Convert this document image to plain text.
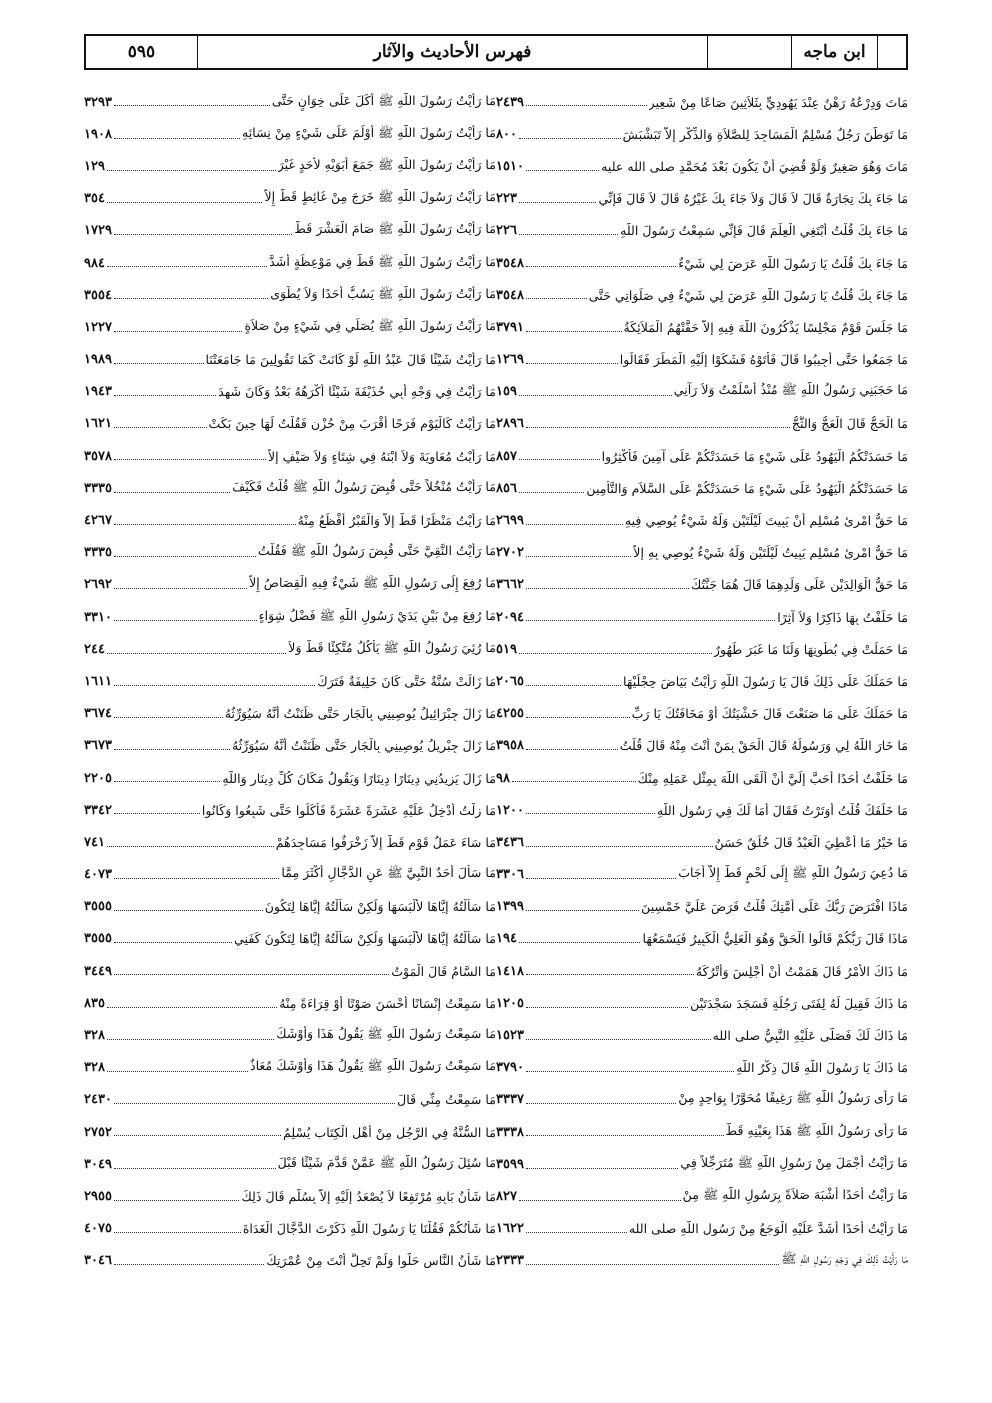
٥٩٥	فهرس الأحاديث والآثار	ابن ماجه
مَا رَأَيْتُ رَسُولَ اللَّهِ ﷺ أَكَلَ عَلَى خِوَانٍ حَتَّى
٣٢٩٣
مَا رَأَيْتُ رَسُولَ اللَّهِ ﷺ أَوْلَمَ عَلَى شَيْءٍ مِنْ نِسَائِهِ
١٩٠٨
مَا رَأَيْتُ رَسُولَ اللَّهِ ﷺ جَمَعَ أَبَوَيْهِ لأَحَدٍ غَيْرَ
١٢٩
مَا رَأَيْتُ رَسُولَ اللَّهِ ﷺ خَرَجَ مِنْ غَائِطٍ قَطُّ إِلاَّ
٣٥٤
مَا رَأَيْتُ رَسُولَ اللَّهِ ﷺ صَامَ الْعَشْرَ قَطُّ
١٧٢٩
مَا رَأَيْتُ رَسُولَ اللَّهِ ﷺ قَطُّ فِي مَوْعِظَةٍ أَشَدَّ
٩٨٤
مَا رَأَيْتُ رَسُولَ اللَّهِ ﷺ يَسُبُّ أَحَدًا وَلاَ يُطْوَى
٣٥٥٤
مَا رَأَيْتُ رَسُولَ اللَّهِ ﷺ يُصَلِّي فِي شَيْءٍ مِنْ صَلاَةٍ
١٢٢٧
مَا رَأَيْتُ شَيْئًا قَالَ عَبْدُ اللَّهِ لَوْ كَانَتْ كَمَا تَقُولِينَ مَا جَامَعَتْنَا
١٩٨٩
مَا رَأَيْتُ فِي وَجْهِ أَبِي حُذَيْفَةَ شَيْئًا أَكْرَهُهُ بَعْدُ وَكَانَ شَهِدَ
١٩٤٣
مَا رَأَيْتُ كَالْيَوْمِ فَرَحًا أَقْرَبَ مِنْ حُزْنٍ فَقُلْتُ لَهَا حِينَ بَكَتْ
١٦٢١
مَا رَأَيْتُ مُعَاوِيَةَ وَلاَ ابْنَهُ فِي شِتَاءٍ وَلاَ صَيْفٍ إِلاَّ
٣٥٧٨
مَا رَأَيْتُ مُنْخُلاً حَتَّى قُبِضَ رَسُولُ اللَّهِ ﷺ قُلْتُ فَكَيْفَ
٣٣٣٥
مَا رَأَيْتُ مَنْظَرًا قَطُّ إِلاَّ وَالْقَبْرُ أَفْظَعُ مِنْهُ
٤٢٦٧
مَا رَأَيْتُ النَّقِيَّ حَتَّى قُبِضَ رَسُولُ اللَّهِ ﷺ فَقُلْتُ
٣٣٣٥
مَا رُفِعَ إِلَى رَسُولِ اللَّهِ ﷺ شَيْءٌ فِيهِ الْقِصَاصُ إِلاَّ
٢٦٩٢
مَا رُفِعَ مِنْ بَيْنِ يَدَيْ رَسُولِ اللَّهِ ﷺ فَضْلُ شِوَاءٍ
٣٣١٠
مَا رُئِيَ رَسُولُ اللَّهِ ﷺ يَأْكُلُ مُتَّكِئًا قَطُّ وَلاَ
٢٤٤
مَا زَالَتْ سُنَّةٌ حَتَّى كَانَ خَلِيفَةٌ فَتَرَكَ
١٦١١
مَا زَالَ جِبْرَائِيلُ يُوصِينِي بِالْجَارِ حَتَّى ظَنَنْتُ أَنَّهُ سَيُوَرِّثُهُ
٣٦٧٤
مَا زَالَ جِبْرِيلُ يُوصِينِي بِالْجَارِ حَتَّى ظَنَنْتُ أَنَّهُ سَيُوَرِّثُهُ
٣٦٧٣
مَا زَالَ يَزِيدُنِي دِينَارًا دِينَارًا وَيَقُولُ مَكَانَ كُلِّ دِينَارٍ وَاللَّهِ
٢٢٠٥
مَا زِلْتُ أُدْخِلُ عَلَيْهِ عَشَرَةً عَشَرَةً فَأَكَلُوا حَتَّى شَبِعُوا وَكَانُوا
٣٣٤٢
مَا سَاءَ عَمَلُ قَوْمٍ قَطُّ إِلاَّ زَخْرَفُوا مَسَاجِدَهُمْ
٧٤١
مَا سَأَلَ أَحَدٌ النَّبِيَّ ﷺ عَنِ الدَّجَّالِ أَكْثَرَ مِمَّا
٤٠٧٣
مَا سَأَلْتُهُ إِيَّاهَا لأَلْبَسَهَا وَلَكِنْ سَأَلْتُهُ إِيَّاهَا لِتَكُونَ
٣٥٥٥
مَا سَأَلْتُهُ إِيَّاهَا لأَلْبَسَهَا وَلَكِنْ سَأَلْتُهُ إِيَّاهَا لِتَكُونَ كَفَنِي
٣٥٥٥
مَا السَّامُ قَالَ الْمَوْتُ
٣٤٤٩
مَا سَمِعْتُ إِنْسَانًا أَحْسَنَ صَوْتًا أَوْ قِرَاءَةً مِنْهُ
٨٣٥
مَا سَمِعْتُ رَسُولَ اللَّهِ ﷺ يَقُولُ هَذَا وَأَوْشَكَ
٣٢٨
مَا سَمِعْتُ رَسُولَ اللَّهِ ﷺ يَقُولُ هَذَا وَأَوْشَكَ مُعَاذٌ
٣٢٨
مَا سَمِعْتُ مِنِّي قَالَ
٢٤٣٠
مَا السُّنَّةُ فِي الرَّجُلِ مِنْ أَهْلِ الْكِتَابِ يُسْلِمُ
٢٧٥٢
مَا سُئِلَ رَسُولُ اللَّهِ ﷺ عَمَّنْ قَدَّمَ شَيْئًا قَبْلَ
٣٠٤٩
مَا شَأْنُ بَابِهِ مُرْتَفِعًا لاَ يُصْعَدُ إِلَيْهِ إِلاَّ بِسُلَّمٍ قَالَ ذَلِكَ
٢٩٥٥
مَا شَأْنُكُمْ فَقُلْنَا يَا رَسُولَ اللَّهِ ذَكَرْتَ الدَّجَّالَ الْغَدَاةَ
٤٠٧٥
مَا شَأْنُ النَّاسِ حَلُّوا وَلَمْ تَحِلَّ أَنْتَ مِنْ عُمْرَتِكَ
٣٠٤٦
مَاتَ وَدِرْعُهُ رَهْنٌ عِنْدَ يَهُودِيٍّ بِثَلاَثِينَ صَاعًا مِنْ شَعِيرٍ
٢٤٣٩
مَا تَوَطَّنَ رَجُلٌ مُسْلِمٌ الْمَسَاجِدَ لِلصَّلاَةِ وَالذِّكْرِ إِلاَّ تَبَشْبَشَ
٨٠٠
مَاتَ وَهُوَ صَغِيرٌ وَلَوْ قُضِيَ أَنْ يَكُونَ بَعْدَ مُحَمَّدٍ صلى الله عليه
١٥١٠
مَا جَاءَ بِكَ تِجَارَةٌ قَالَ لاَ قَالَ وَلاَ جَاءَ بِكَ غَيْرُهُ قَالَ لاَ قَالَ فَإِنِّي
٢٢٣
مَا جَاءَ بِكَ قُلْتُ أَبْتَغِي الْعِلْمَ قَالَ فَإِنِّي سَمِعْتُ رَسُولَ اللَّهِ
٢٢٦
مَا جَاءَ بِكَ قُلْتُ يَا رَسُولَ اللَّهِ عَرَضَ لِي شَيْءٌ
٣٥٤٨
مَا جَاءَ بِكَ قُلْتُ يَا رَسُولَ اللَّهِ عَرَضَ لِي شَيْءٌ فِي صَلَوَاتِي حَتَّى
٣٥٤٨
مَا جَلَسَ قَوْمٌ مَجْلِسًا يَذْكُرُونَ اللَّهَ فِيهِ إِلاَّ حَفَّتْهُمُ الْمَلاَئِكَةُ
٣٧٩١
مَا جَمَعُوا حَتَّى أُجِيبُوا قَالَ فَأَتَوْهُ فَشَكَوْا إِلَيْهِ الْمَطَرَ فَقَالُوا
١٢٦٩
مَا حَجَبَنِي رَسُولُ اللَّهِ ﷺ مُنْذُ أَسْلَمْتُ وَلاَ رَآنِي
١٥٩
مَا الْحَجُّ قَالَ الْعَجُّ وَالثَّجُّ
٢٨٩٦
مَا حَسَدَتْكُمُ الْيَهُودُ عَلَى شَيْءٍ مَا حَسَدَتْكُمْ عَلَى آمِينَ فَأَكْثِرُوا
٨٥٧
مَا حَسَدَتْكُمُ الْيَهُودُ عَلَى شَيْءٍ مَا حَسَدَتْكُمْ عَلَى السَّلاَمِ وَالتَّأْمِينِ
٨٥٦
مَا حَقُّ امْرِئٍ مُسْلِمٍ أَنْ يَبِيتَ لَيْلَتَيْنِ وَلَهُ شَيْءٌ يُوصِي فِيهِ
٢٦٩٩
مَا حَقُّ امْرِئٍ مُسْلِمٍ يَبِيتُ لَيْلَتَيْنِ وَلَهُ شَيْءٌ يُوصِي بِهِ إِلاَّ
٢٧٠٢
مَا حَقُّ الْوَالِدَيْنِ عَلَى وَلَدِهِمَا قَالَ هُمَا جَنَّتُكَ
٣٦٦٢
مَا حَلَفْتُ بِهَا ذَاكِرًا وَلاَ آثِرًا
٢٠٩٤
مَا حَمَلَتْ فِي بُطُونِهَا وَلَنَا مَا غَبَرَ طَهُورٌ
٥١٩
مَا حَمَلَكَ عَلَى ذَلِكَ قَالَ يَا رَسُولَ اللَّهِ رَأَيْتُ بَيَاضَ حِجْلَيْهَا
٢٠٦٥
مَا حَمَلَكَ عَلَى مَا صَنَعْتَ قَالَ خَشْيَتُكَ أَوْ مَخَافَتُكَ يَا رَبِّ
٤٢٥٥
مَا خَارَ اللَّهُ لِي وَرَسُولُهُ قَالَ الْحَقْ بِمَنْ أَنْتَ مِنْهُ قَالَ قُلْتُ
٣٩٥٨
مَا خَلَّفْتُ أَحَدًا أَحَبَّ إِلَيَّ أَنْ أَلْقَى اللَّهَ بِمِثْلِ عَمَلِهِ مِنْكَ
٩٨
مَا خَلَفَكَ قُلْتُ أَوَتَرْتُ فَقَالَ أَمَا لَكَ فِي رَسُولِ اللَّهِ
١٢٠٠
مَا خَيْرُ مَا أُعْطِيَ الْعَبْدُ قَالَ خُلُقٌ حَسَنٌ
٣٤٣٦
مَا دُعِيَ رَسُولُ اللَّهِ ﷺ إِلَى لَحْمٍ قَطُّ إِلاَّ أَجَابَ
٣٣٠٦
مَاذَا افْتَرَضَ رَبُّكَ عَلَى أُمَّتِكَ قُلْتُ فَرَضَ عَلَيَّ خَمْسِينَ
١٣٩٩
مَاذَا قَالَ رَبُّكُمْ قَالُوا الْحَقَّ وَهُوَ الْعَلِيُّ الْكَبِيرُ فَيَسْمَعُهَا
١٩٤
مَا ذَاكَ الأَمْرُ قَالَ هَمَمْتُ أَنْ أَجْلِسَ وَأَتْرُكَهُ
١٤١٨
مَا ذَاكَ فَقِيلَ لَهُ لِفَتَى رَجُلَةٍ فَسَجَدَ سَجْدَتَيْنِ
١٢٠٥
مَا ذَاكَ لَكَ فَصَلَّى عَلَيْهِ النَّبِيُّ صلى الله
١٥٢٣
مَا ذَاكَ يَا رَسُولَ اللَّهِ قَالَ ذِكْرُ اللَّهِ
٣٧٩٠
مَا رَأَى رَسُولُ اللَّهِ ﷺ رَغِيفًا مُحَوَّرًا بِوَاحِدٍ مِنْ
٣٣٣٧
مَا رَأَى رَسُولُ اللَّهِ ﷺ هَذَا بِعَيْنِهِ قَطُّ
٣٣٣٨
مَا رَأَيْتُ أَجْمَلَ مِنْ رَسُولِ اللَّهِ ﷺ مُتَرَجِّلاً فِي
٣٥٩٩
مَا رَأَيْتُ أَحَدًا أَشْبَهَ صَلاَةً بِرَسُولِ اللَّهِ ﷺ مِنْ
٨٢٧
مَا رَأَيْتُ أَحَدًا أَشَدَّ عَلَيْهِ الْوَجَعُ مِنْ رَسُولِ اللَّهِ صلى الله
١٦٢٢
مَا رَأَيْتُ ذَلِكَ فِي وَجْهِ رَسُولِ اللَّهِ ﷺ
٢٣٣٣
